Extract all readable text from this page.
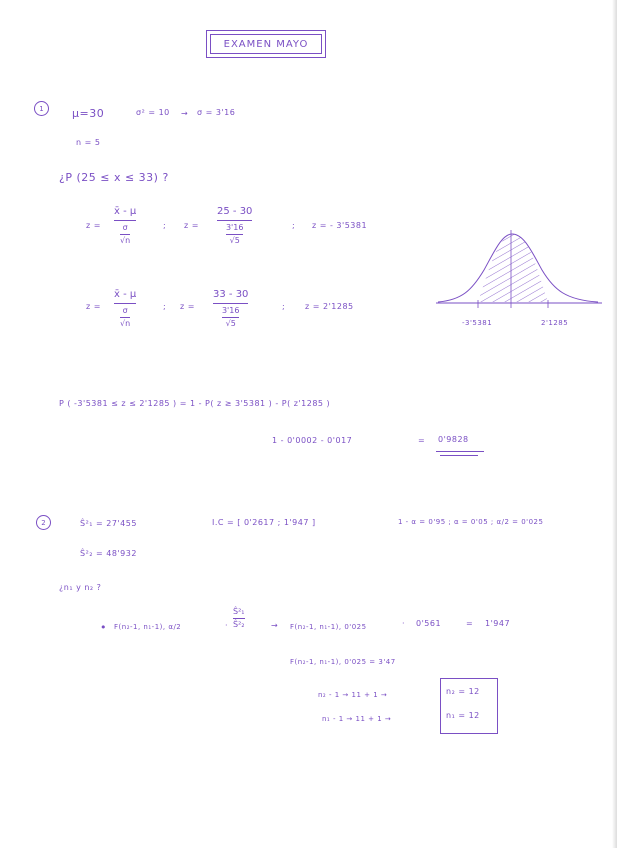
EXAMEN MAYO
1	μ=30	σ² = 10 → σ = 3'16
n = 5
¿P (25 ≤ x ≤ 33) ?
z =
x̄ - μ
σ
√n
; z =
25 - 30
3'16
√5
; z = - 3'5381
z =
x̄ - μ
σ
√n
; z =
33 - 30
3'16
√5
; z = 2'1285
-3'5381	2'1285
P ( -3'5381 ≤ z ≤ 2'1285 ) = 1 - P( z ≥ 3'5381 ) - P( z'1285 )
1 - 0'0002 - 0'017	= 0'9828
2	Ŝ²₁ = 27'455
Ŝ²₂ = 48'932
I.C = [ 0'2617 ; 1'947 ]	1 - α = 0'95 ; α = 0'05 ; α/2 = 0'025
¿n₁ y n₂ ?
• F(n₂-1, n₁-1), α/2	·
Ŝ²₁
Ŝ²₂	→ F(n₂-1, n₁-1), 0'025	· 0'561	= 1'947
F(n₂-1, n₁-1), 0'025 = 3'47
n₂ - 1 → 11 + 1 →
n₁ - 1 → 11 + 1 →
n₂ = 12
n₁ = 12
